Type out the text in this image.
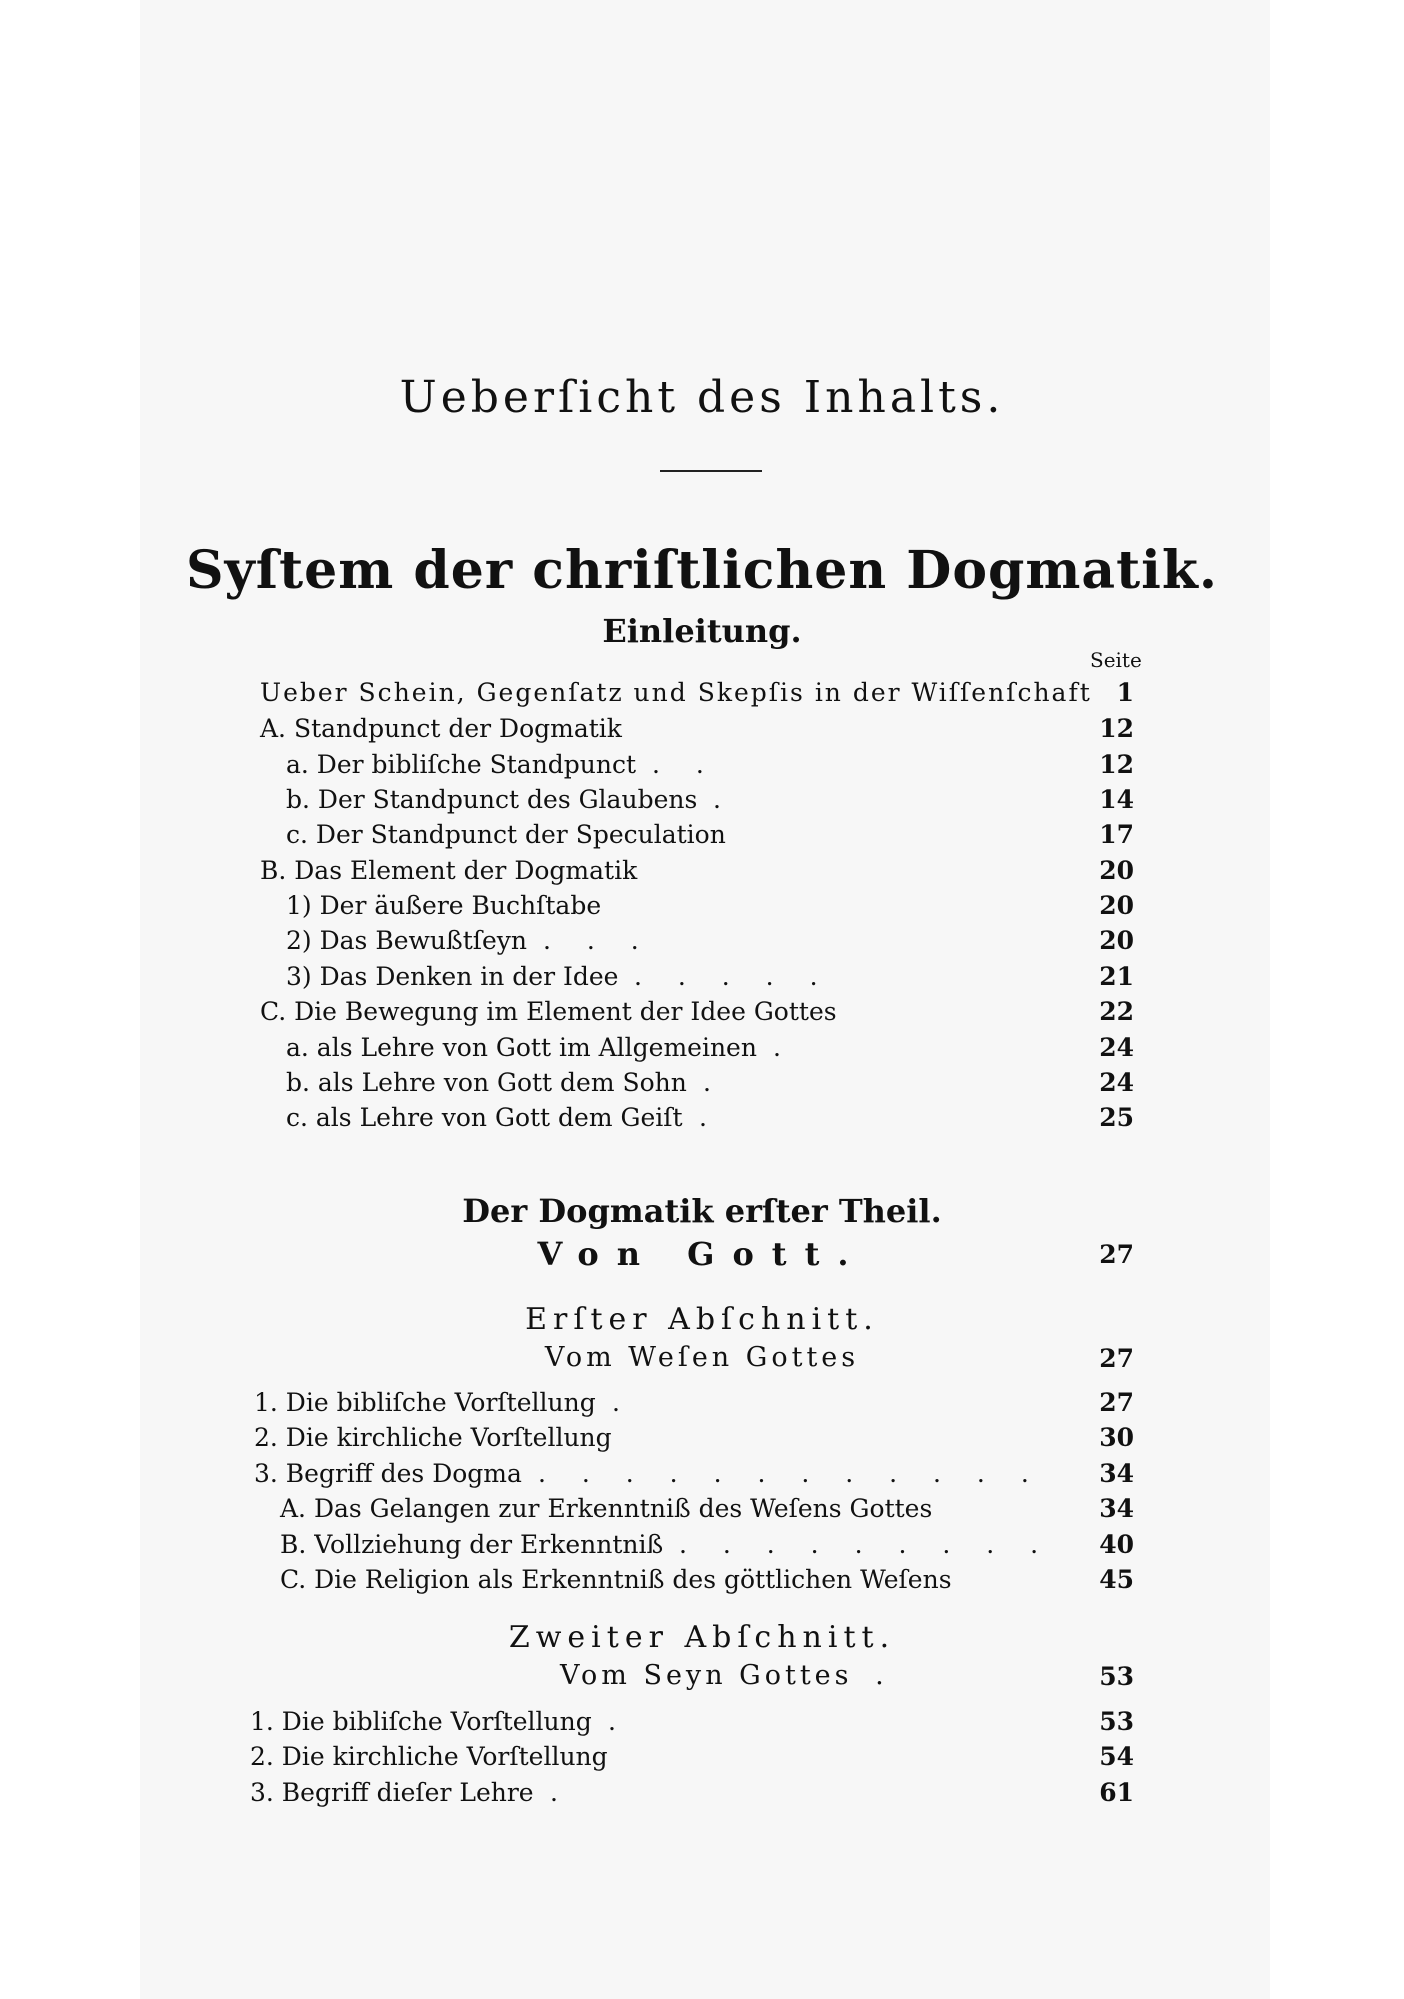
Ueberſicht des Inhalts.
Syſtem der chriſtlichen Dogmatik.
Einleitung.
Seite
Ueber Schein, Gegenſatz und Skepſis in der Wiſſenſchaft 1
A. Standpunct der Dogmatik	12
a. Der bibliſche Standpunct . .	12
b. Der Standpunct des Glaubens .	14
c. Der Standpunct der Speculation	17
B. Das Element der Dogmatik	20
1) Der äußere Buchſtabe	20
2) Das Bewußtſeyn . . .	20
3) Das Denken in der Idee . . . . .	21
C. Die Bewegung im Element der Idee Gottes	22
a. als Lehre von Gott im Allgemeinen .	24
b. als Lehre von Gott dem Sohn .	24
c. als Lehre von Gott dem Geiſt .	25
Der Dogmatik erſter Theil.
Von Gott.	27
Erſter Abſchnitt.
Vom Weſen Gottes	27
1. Die bibliſche Vorſtellung .	27
2. Die kirchliche Vorſtellung	30
3. Begriff des Dogma . . . . . . . . . . . . 34
A. Das Gelangen zur Erkenntniß des Weſens Gottes	34
B. Vollziehung der Erkenntniß . . . . . . . . . 40
C. Die Religion als Erkenntniß des göttlichen Weſens	45
Zweiter Abſchnitt.
Vom Seyn Gottes .	53
1. Die bibliſche Vorſtellung .	53
2. Die kirchliche Vorſtellung	54
3. Begriff dieſer Lehre .	61
